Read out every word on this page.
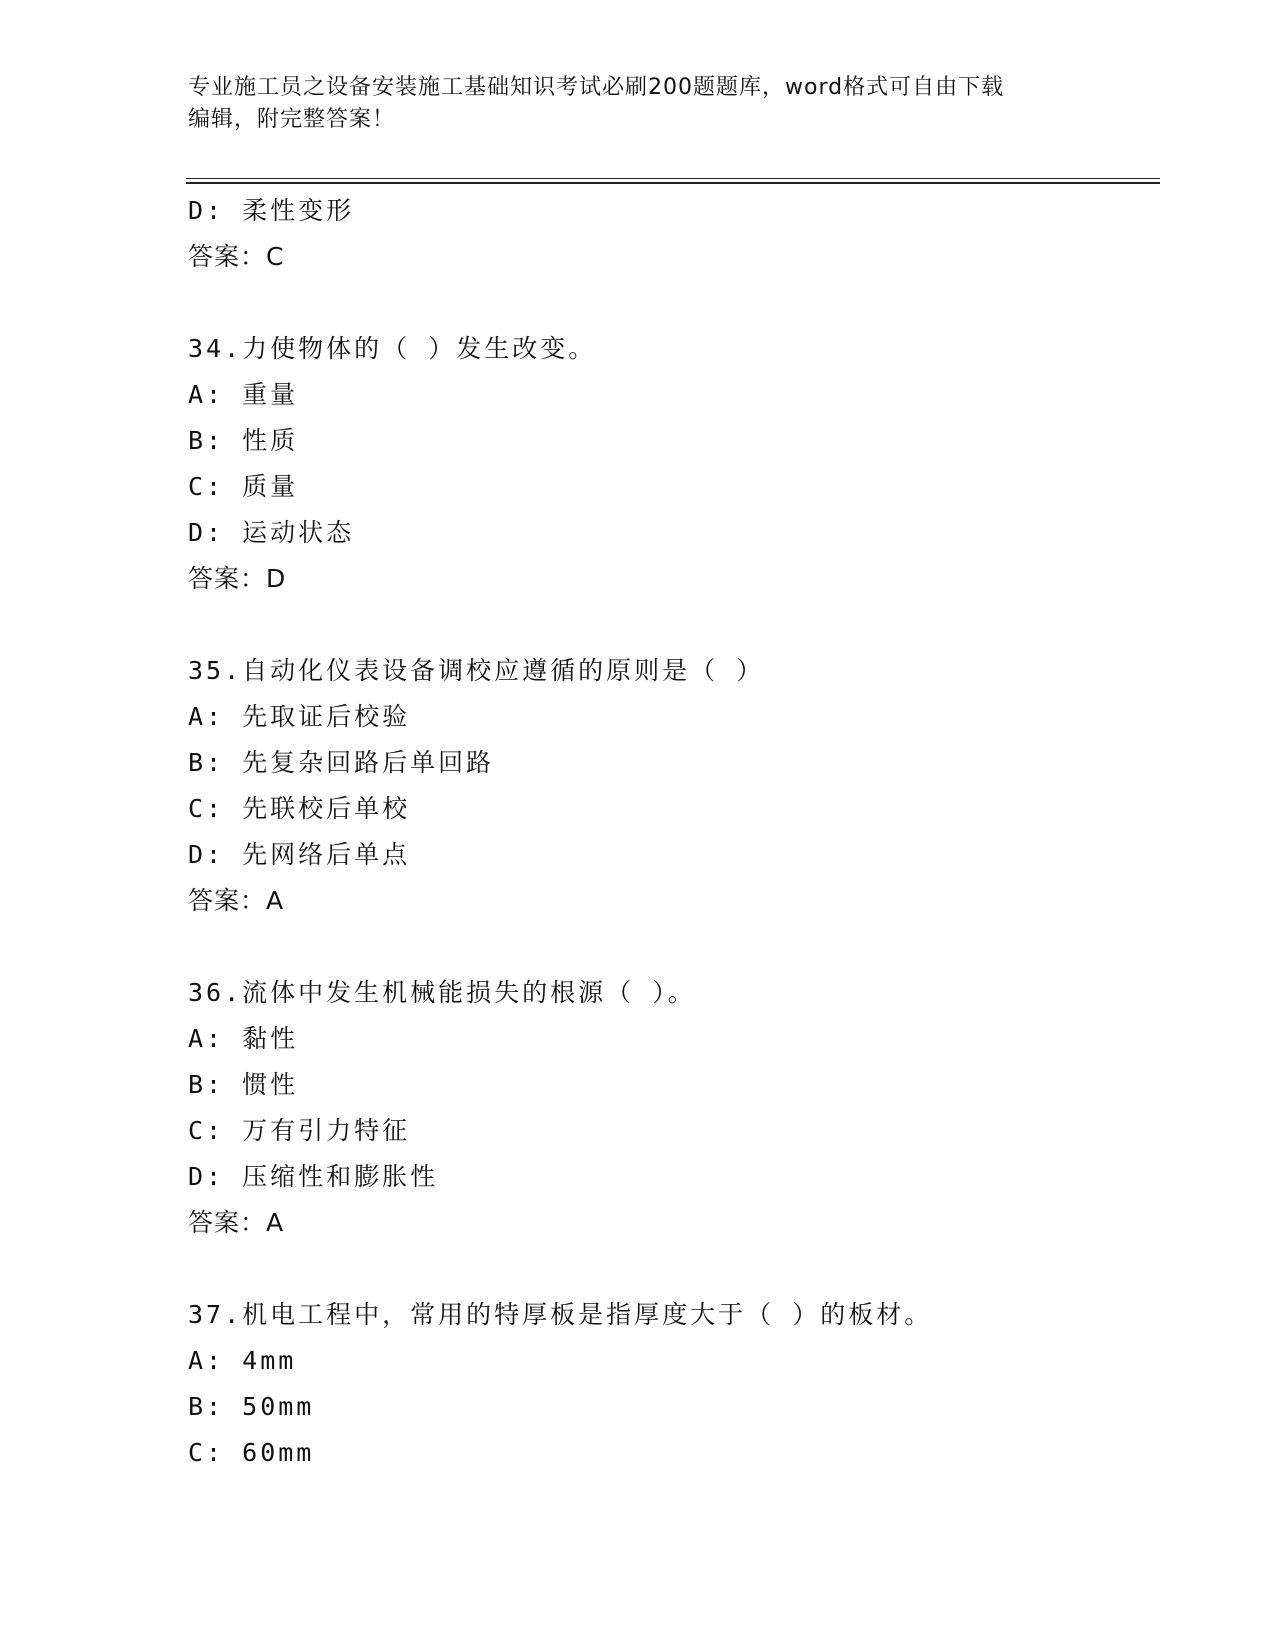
专业施工员之设备安装施工基础知识考试必刷200题题库，word格式可自由下载
编辑，附完整答案！
D: 柔性变形
答案：C
34.力使物体的（ ）发生改变。
A: 重量
B: 性质
C: 质量
D: 运动状态
答案：D
35.自动化仪表设备调校应遵循的原则是（ ）
A: 先取证后校验
B: 先复杂回路后单回路
C: 先联校后单校
D: 先网络后单点
答案：A
36.流体中发生机械能损失的根源（ ）。
A: 黏性
B: 惯性
C: 万有引力特征
D: 压缩性和膨胀性
答案：A
37.机电工程中，常用的特厚板是指厚度大于（ ）的板材。
A: 4mm
B: 50mm
C: 60mm
